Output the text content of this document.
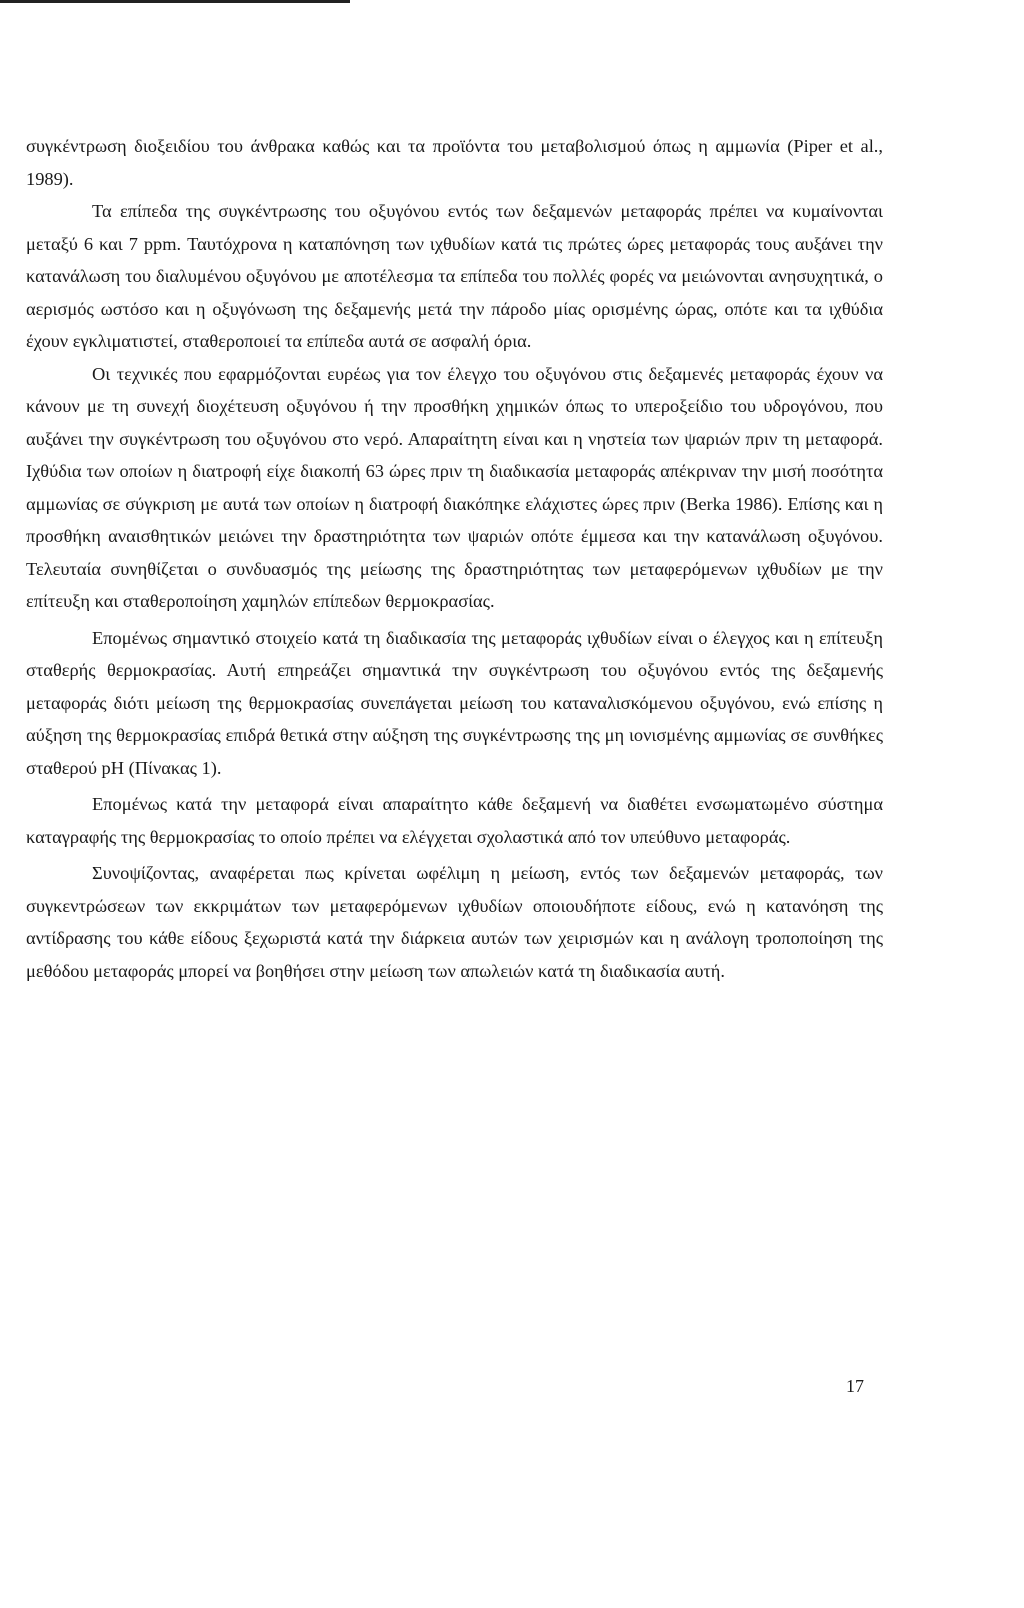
συγκέντρωση διοξειδίου του άνθρακα καθώς και τα προϊόντα του μεταβολισμού όπως η αμμωνία (Piper et al., 1989).

Τα επίπεδα της συγκέντρωσης του οξυγόνου εντός των δεξαμενών μεταφοράς πρέπει να κυμαίνονται μεταξύ 6 και 7 ppm. Ταυτόχρονα η καταπόνηση των ιχθυδίων κατά τις πρώτες ώρες μεταφοράς τους αυξάνει την κατανάλωση του διαλυμένου οξυγόνου με αποτέλεσμα τα επίπεδα του πολλές φορές να μειώνονται ανησυχητικά, ο αερισμός ωστόσο και η οξυγόνωση της δεξαμενής μετά την πάροδο μίας ορισμένης ώρας, οπότε και τα ιχθύδια έχουν εγκλιματιστεί, σταθεροποιεί τα επίπεδα αυτά σε ασφαλή όρια.

Οι τεχνικές που εφαρμόζονται ευρέως για τον έλεγχο του οξυγόνου στις δεξαμενές μεταφοράς έχουν να κάνουν με τη συνεχή διοχέτευση οξυγόνου ή την προσθήκη χημικών όπως το υπεροξείδιο του υδρογόνου, που αυξάνει την συγκέντρωση του οξυγόνου στο νερό. Απαραίτητη είναι και η νηστεία των ψαριών πριν τη μεταφορά. Ιχθύδια των οποίων η διατροφή είχε διακοπή 63 ώρες πριν τη διαδικασία μεταφοράς απέκριναν την μισή ποσότητα αμμωνίας σε σύγκριση με αυτά των οποίων η διατροφή διακόπηκε ελάχιστες ώρες πριν (Berka 1986). Επίσης και η προσθήκη αναισθητικών μειώνει την δραστηριότητα των ψαριών οπότε έμμεσα και την κατανάλωση οξυγόνου. Τελευταία συνηθίζεται ο συνδυασμός της μείωσης της δραστηριότητας των μεταφερόμενων ιχθυδίων με την επίτευξη και σταθεροποίηση χαμηλών επίπεδων θερμοκρασίας.

Επομένως σημαντικό στοιχείο κατά τη διαδικασία της μεταφοράς ιχθυδίων είναι ο έλεγχος και η επίτευξη σταθερής θερμοκρασίας. Αυτή επηρεάζει σημαντικά την συγκέντρωση του οξυγόνου εντός της δεξαμενής μεταφοράς διότι μείωση της θερμοκρασίας συνεπάγεται μείωση του καταναλισκόμενου οξυγόνου, ενώ επίσης η αύξηση της θερμοκρασίας επιδρά θετικά στην αύξηση της συγκέντρωσης της μη ιονισμένης αμμωνίας σε συνθήκες σταθερού pH (Πίνακας 1).

Επομένως κατά την μεταφορά είναι απαραίτητο κάθε δεξαμενή να διαθέτει ενσωματωμένο σύστημα καταγραφής της θερμοκρασίας το οποίο πρέπει να ελέγχεται σχολαστικά από τον υπεύθυνο μεταφοράς.

Συνοψίζοντας, αναφέρεται πως κρίνεται ωφέλιμη η μείωση, εντός των δεξαμενών μεταφοράς, των συγκεντρώσεων των εκκριμάτων των μεταφερόμενων ιχθυδίων οποιουδήποτε είδους, ενώ η κατανόηση της αντίδρασης του κάθε είδους ξεχωριστά κατά την διάρκεια αυτών των χειρισμών και η ανάλογη τροποποίηση της μεθόδου μεταφοράς μπορεί να βοηθήσει στην μείωση των απωλειών κατά τη διαδικασία αυτή.

17
